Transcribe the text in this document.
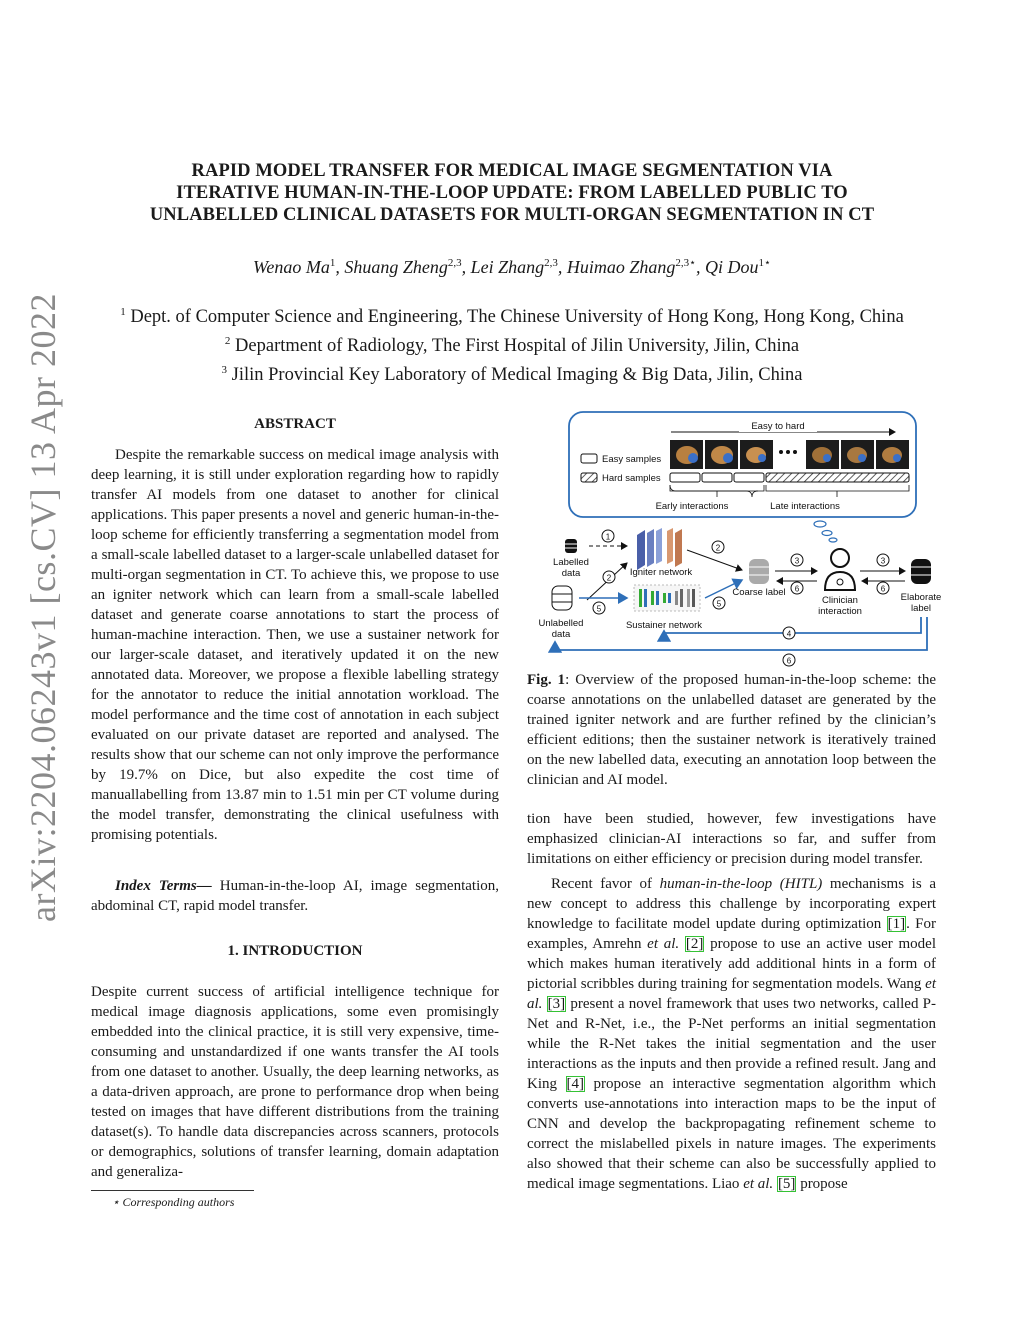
RAPID MODEL TRANSFER FOR MEDICAL IMAGE SEGMENTATION VIA
ITERATIVE HUMAN-IN-THE-LOOP UPDATE: FROM LABELLED PUBLIC TO
UNLABELLED CLINICAL DATASETS FOR MULTI-ORGAN SEGMENTATION IN CT
Wenao Ma$^1$, Shuang Zheng$^{2,3}$, Lei Zhang$^{2,3}$, Huimao Zhang$^{2,3⋆}$, Qi Dou$^{1⋆}$
$^1$ Dept. of Computer Science and Engineering, The Chinese University of Hong Kong, Hong Kong, China
$^2$ Department of Radiology, The First Hospital of Jilin University, Jilin, China
$^3$ Jilin Provincial Key Laboratory of Medical Imaging & Big Data, Jilin, China
arXiv:2204.06243v1 [cs.CV] 13 Apr 2022	ABSTRACT

Despite the remarkable success on medical image analysis with deep learning, it is still under exploration regarding how to rapidly transfer AI models from one dataset to another for clinical applications. This paper presents a novel and generic human-in-the-loop scheme for efficiently transferring a segmentation model from a small-scale labelled dataset to a larger-scale unlabelled dataset for multi-organ segmentation in CT. To achieve this, we propose to use an igniter network which can learn from a small-scale labelled dataset and generate coarse annotations to start the process of human-machine interaction. Then, we use a sustainer network for our larger-scale dataset, and iteratively updated it on the new annotated data. Moreover, we propose a flexible labelling strategy for the annotator to reduce the initial annotation workload. The model performance and the time cost of annotation in each subject evaluated on our private dataset are reported and analysed. The results show that our scheme can not only improve the performance by 19.7% on Dice, but also expedite the cost time of manuallabelling from 13.87 min to 1.51 min per CT volume during the model transfer, demonstrating the clinical usefulness with promising potentials.

Index Terms— Human-in-the-loop AI, image segmentation, abdominal CT, rapid model transfer.

1. INTRODUCTION

Despite current success of artificial intelligence technique for medical image diagnosis applications, some even promisingly embedded into the clinical practice, it is still very expensive, time-consuming and unstandardized if one wants transfer the AI tools from one dataset to another. Usually, the deep learning networks, as a data-driven approach, are prone to performance drop when being tested on images that have different distributions from the training dataset(s). To handle data discrepancies across scanners, protocols or demographics, solutions of transfer learning, domain adaptation and generaliza-

⋆ Corresponding authors
Easy to hard
Easy samples
Hard samples
Early interactions	Late interactions
Labelled
data
Unlabelled
data
1
2
5
Igniter network
Sustainer network
2
5
Coarse label
3
6
Clinician
interaction
3
6
Elaborate
label
4
6

Fig. 1: Overview of the proposed human-in-the-loop scheme: the coarse annotations on the unlabelled dataset are generated by the trained igniter network and are further refined by the clinician’s efficient editions; then the sustainer network is iteratively trained on the new labelled data, executing an annotation loop between the clinician and AI model.

tion have been studied, however, few investigations have emphasized clinician-AI interactions so far, and suffer from limitations on either efficiency or precision during model transfer.

Recent favor of human-in-the-loop (HITL) mechanisms is a new concept to address this challenge by incorporating expert knowledge to facilitate model update during optimization [1]. For examples, Amrehn et al. [2] propose to use an active user model which makes human iteratively add additional hints in a form of pictorial scribbles during training for segmentation models. Wang et al. [3] present a novel framework that uses two networks, called P-Net and R-Net, i.e., the P-Net performs an initial segmentation while the R-Net takes the initial segmentation and the user interactions as the inputs and then provide a refined result. Jang and King [4] propose an interactive segmentation algorithm which converts use-annotations into interaction maps to be the input of CNN and develop the backpropagating refinement scheme to correct the mislabelled pixels in nature images. The experiments also showed that their scheme can also be successfully applied to medical image segmentations. Liao et al. [5] propose
